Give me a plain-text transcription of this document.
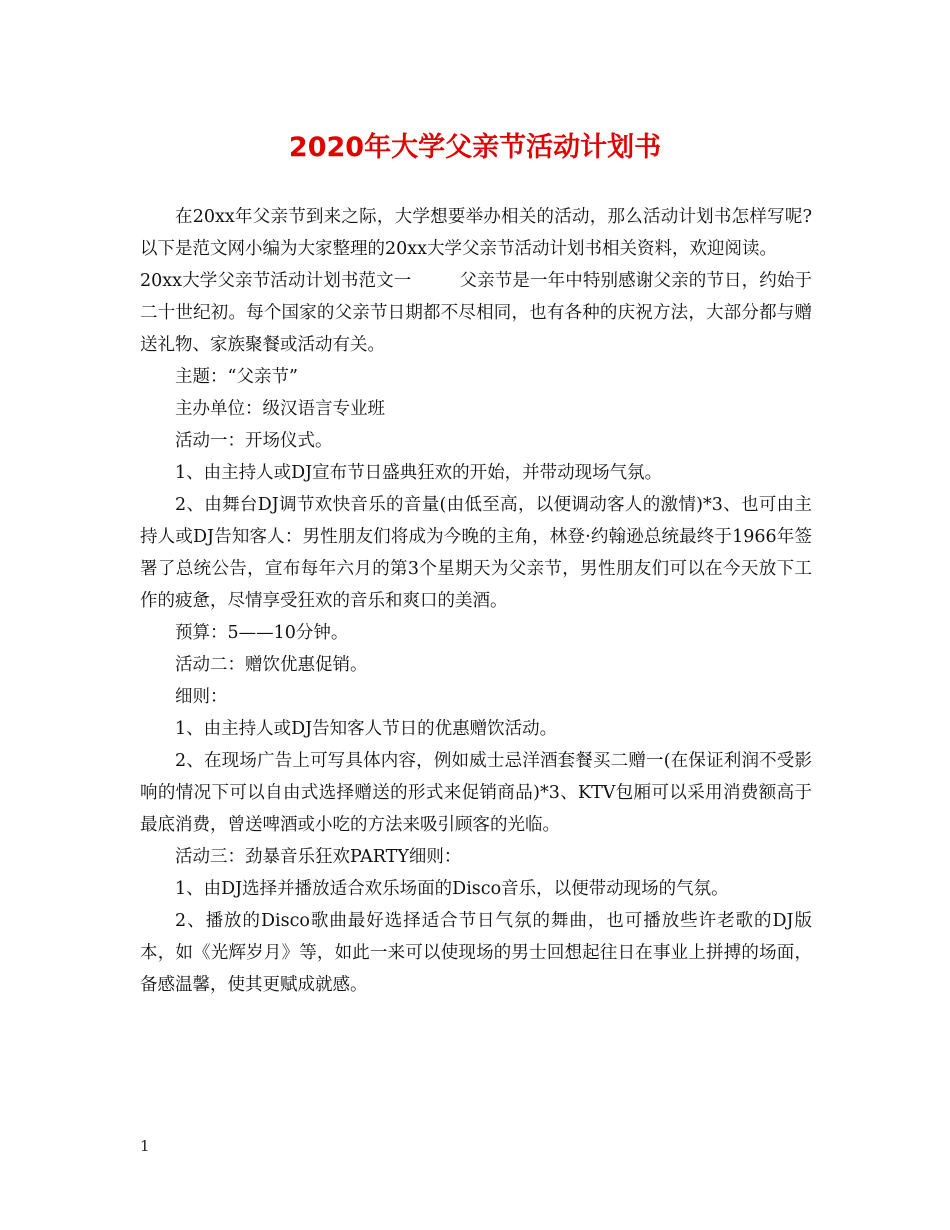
2020年大学父亲节活动计划书

在20xx年父亲节到来之际，大学想要举办相关的活动，那么活动计划书怎样写呢?以下是范文网小编为大家整理的20xx大学父亲节活动计划书相关资料，欢迎阅读。

20xx大学父亲节活动计划书范文一	父亲节是一年中特别感谢父亲的节日，约始于二十世纪初。每个国家的父亲节日期都不尽相同，也有各种的庆祝方法，大部分都与赠送礼物、家族聚餐或活动有关。

主题：“父亲节”

主办单位：级汉语言专业班

活动一：开场仪式。

1、由主持人或DJ宣布节日盛典狂欢的开始，并带动现场气氛。

2、由舞台DJ调节欢快音乐的音量(由低至高，以便调动客人的激情)*3、也可由主持人或DJ告知客人：男性朋友们将成为今晚的主角，林登·约翰逊总统最终于1966年签署了总统公告，宣布每年六月的第3个星期天为父亲节，男性朋友们可以在今天放下工作的疲惫，尽情享受狂欢的音乐和爽口的美酒。

预算：5——10分钟。

活动二：赠饮优惠促销。

细则：

1、由主持人或DJ告知客人节日的优惠赠饮活动。

2、在现场广告上可写具体内容，例如威士忌洋酒套餐买二赠一(在保证利润不受影响的情况下可以自由式选择赠送的形式来促销商品)*3、KTV包厢可以采用消费额高于最底消费，曾送啤酒或小吃的方法来吸引顾客的光临。

活动三：劲暴音乐狂欢PARTY细则：

1、由DJ选择并播放适合欢乐场面的Disco音乐，以便带动现场的气氛。

2、播放的Disco歌曲最好选择适合节日气氛的舞曲，也可播放些许老歌的DJ版本，如《光辉岁月》等，如此一来可以使现场的男士回想起往日在事业上拼搏的场面，备感温馨，使其更赋成就感。

1
